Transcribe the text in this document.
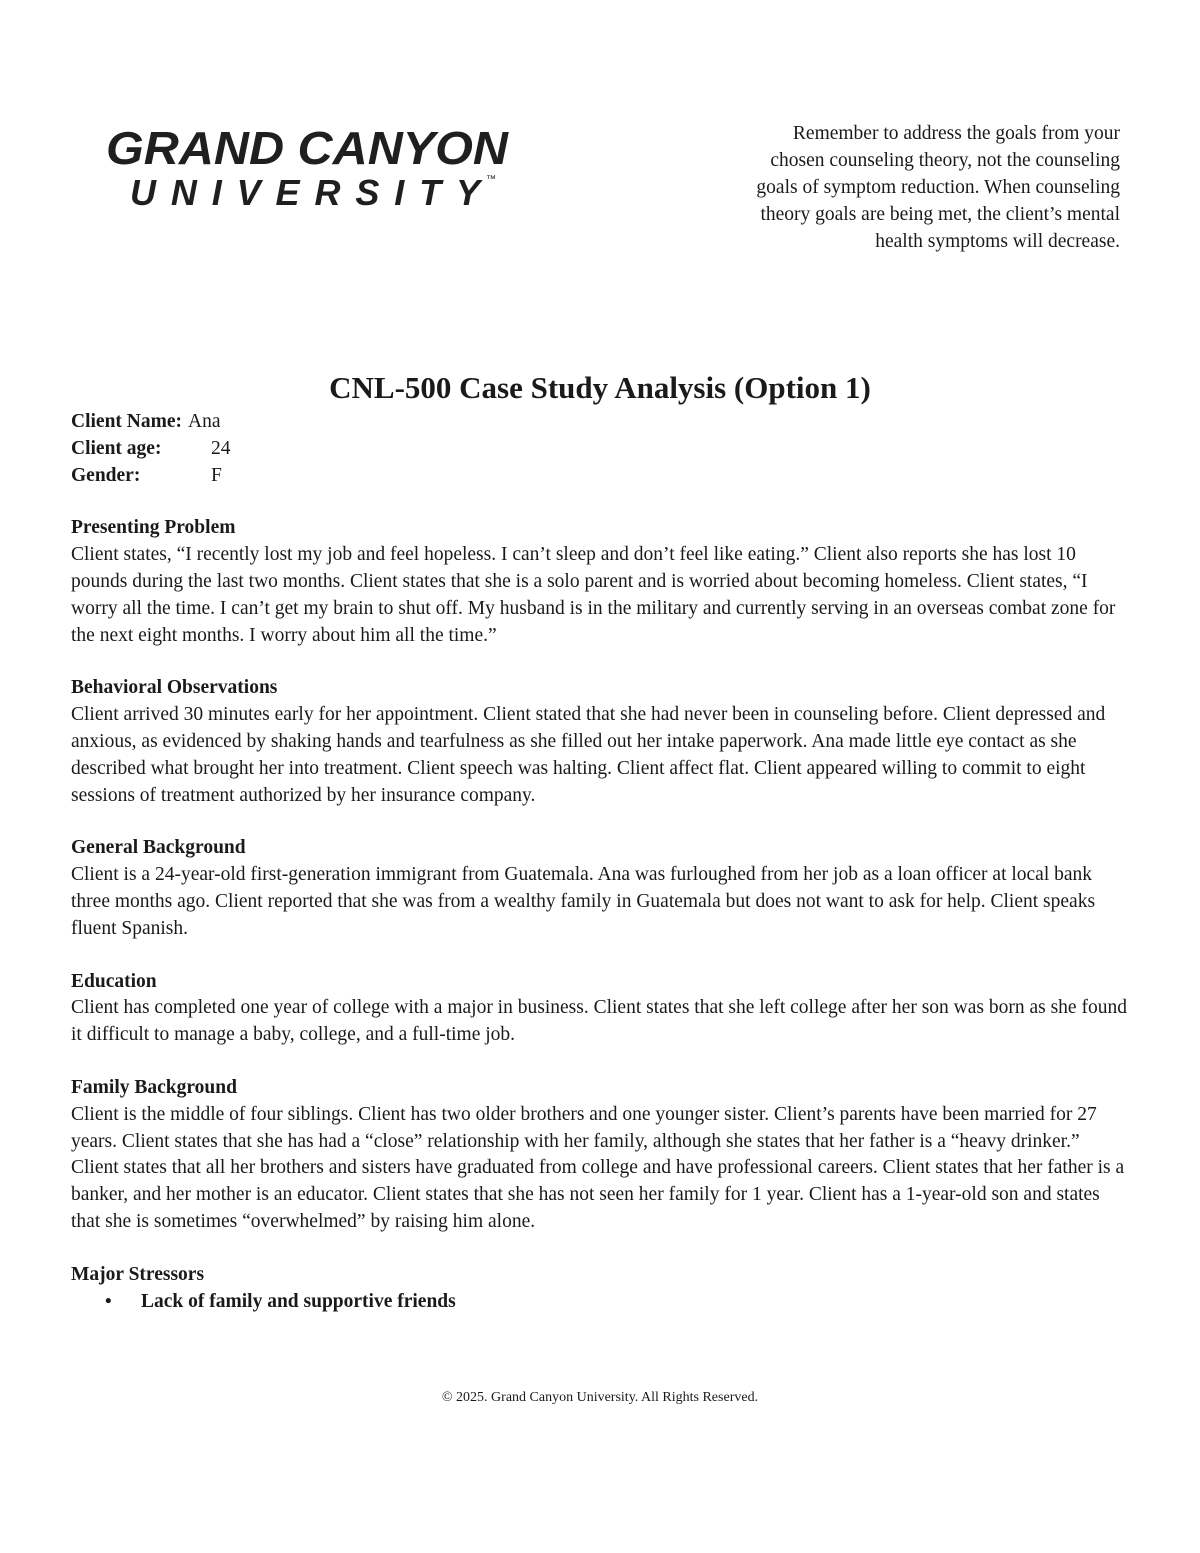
GRAND CANYON
UNIVERSITY ™
Remember to address the goals from your
chosen counseling theory, not the counseling
goals of symptom reduction. When counseling
theory goals are being met, the client’s mental
health symptoms will decrease.
CNL-500 Case Study Analysis (Option 1)
Client Name: Ana
Client age:	24
Gender:	F
Presenting Problem

Client states, “I recently lost my job and feel hopeless. I can’t sleep and don’t feel like eating.” Client also reports she has lost 10 pounds during the last two months. Client states that she is a solo parent and is worried about becoming homeless. Client states, “I worry all the time. I can’t get my brain to shut off. My husband is in the military and currently serving in an overseas combat zone for the next eight months. I worry about him all the time.”

Behavioral Observations

Client arrived 30 minutes early for her appointment. Client stated that she had never been in counseling before. Client depressed and anxious, as evidenced by shaking hands and tearfulness as she filled out her intake paperwork. Ana made little eye contact as she described what brought her into treatment. Client speech was halting. Client affect flat. Client appeared willing to commit to eight sessions of treatment authorized by her insurance company.

General Background

Client is a 24-year-old first-generation immigrant from Guatemala. Ana was furloughed from her job as a loan officer at local bank three months ago. Client reported that she was from a wealthy family in Guatemala but does not want to ask for help. Client speaks fluent Spanish.

Education

Client has completed one year of college with a major in business. Client states that she left college after her son was born as she found it difficult to manage a baby, college, and a full-time job.

Family Background

Client is the middle of four siblings. Client has two older brothers and one younger sister. Client’s parents have been married for 27 years. Client states that she has had a “close” relationship with her family, although she states that her father is a “heavy drinker.” Client states that all her brothers and sisters have graduated from college and have professional careers. Client states that her father is a banker, and her mother is an educator. Client states that she has not seen her family for 1 year. Client has a 1-year-old son and states that she is sometimes “overwhelmed” by raising him alone.

Major Stressors
•	Lack of family and supportive friends
© 2025. Grand Canyon University. All Rights Reserved.
